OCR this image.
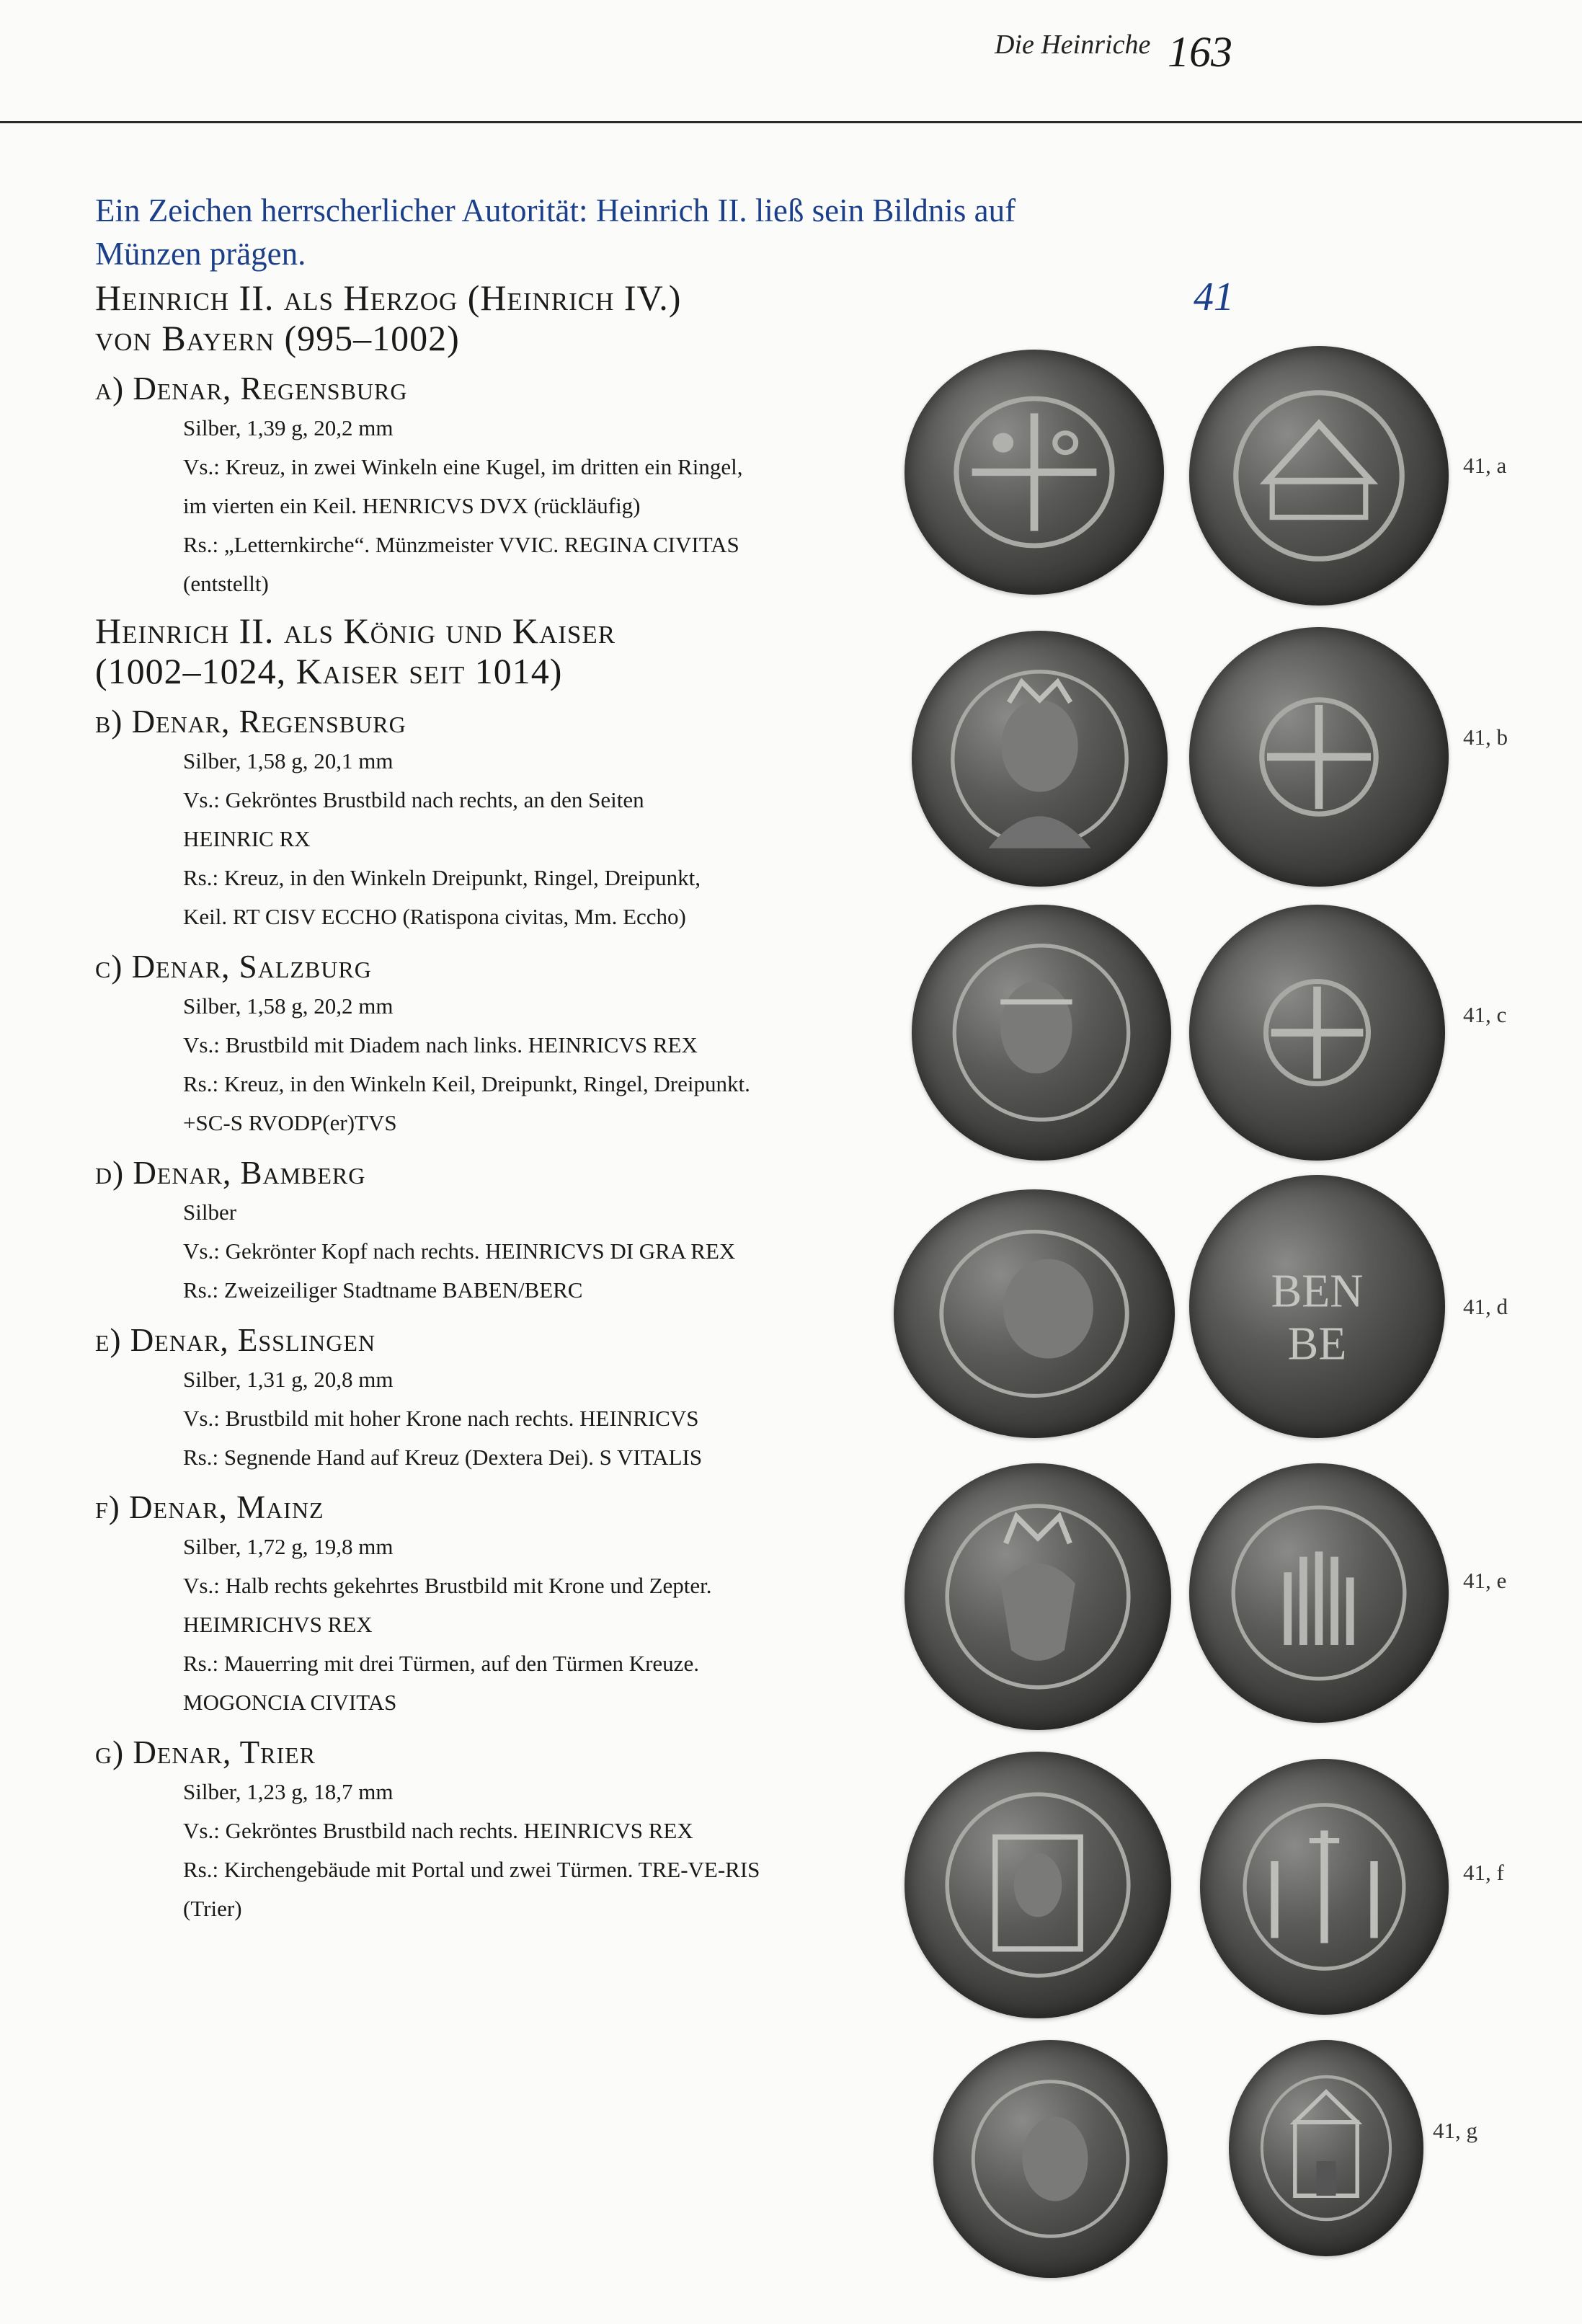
Die Heinriche 163
Ein Zeichen herrscherlicher Autorität: Heinrich II. ließ sein Bildnis auf Münzen prägen.
41
Heinrich II. als Herzog (Heinrich IV.)
von Bayern (995–1002)
a) Denar, Regensburg
Silber, 1,39 g, 20,2 mm
Vs.: Kreuz, in zwei Winkeln eine Kugel, im dritten ein Ringel,
im vierten ein Keil. HENRICVS DVX (rückläufig)
Rs.: „Letternkirche“. Münzmeister VVIC. REGINA CIVITAS
(entstellt)
Heinrich II. als König und Kaiser
(1002–1024, Kaiser seit 1014)
b) Denar, Regensburg
Silber, 1,58 g, 20,1 mm
Vs.: Gekröntes Brustbild nach rechts, an den Seiten
HEINRIC RX
Rs.: Kreuz, in den Winkeln Dreipunkt, Ringel, Dreipunkt,
Keil. RT CISV ECCHO (Ratispona civitas, Mm. Eccho)
c) Denar, Salzburg
Silber, 1,58 g, 20,2 mm
Vs.: Brustbild mit Diadem nach links. HEINRICVS REX
Rs.: Kreuz, in den Winkeln Keil, Dreipunkt, Ringel, Dreipunkt.
+SC-S RVODP(er)TVS
d) Denar, Bamberg
Silber
Vs.: Gekrönter Kopf nach rechts. HEINRICVS DI GRA REX
Rs.: Zweizeiliger Stadtname BABEN/BERC
e) Denar, Esslingen
Silber, 1,31 g, 20,8 mm
Vs.: Brustbild mit hoher Krone nach rechts. HEINRICVS
Rs.: Segnende Hand auf Kreuz (Dextera Dei). S VITALIS
f) Denar, Mainz
Silber, 1,72 g, 19,8 mm
Vs.: Halb rechts gekehrtes Brustbild mit Krone und Zepter.
HEIMRICHVS REX
Rs.: Mauerring mit drei Türmen, auf den Türmen Kreuze.
MOGONCIA CIVITAS
g) Denar, Trier
Silber, 1,23 g, 18,7 mm
Vs.: Gekröntes Brustbild nach rechts. HEINRICVS REX
Rs.: Kirchengebäude mit Portal und zwei Türmen. TRE-VE-RIS
(Trier)
41, a
41, b
41, c
BEN
BE
41, d
41, e
41, f
41, g
